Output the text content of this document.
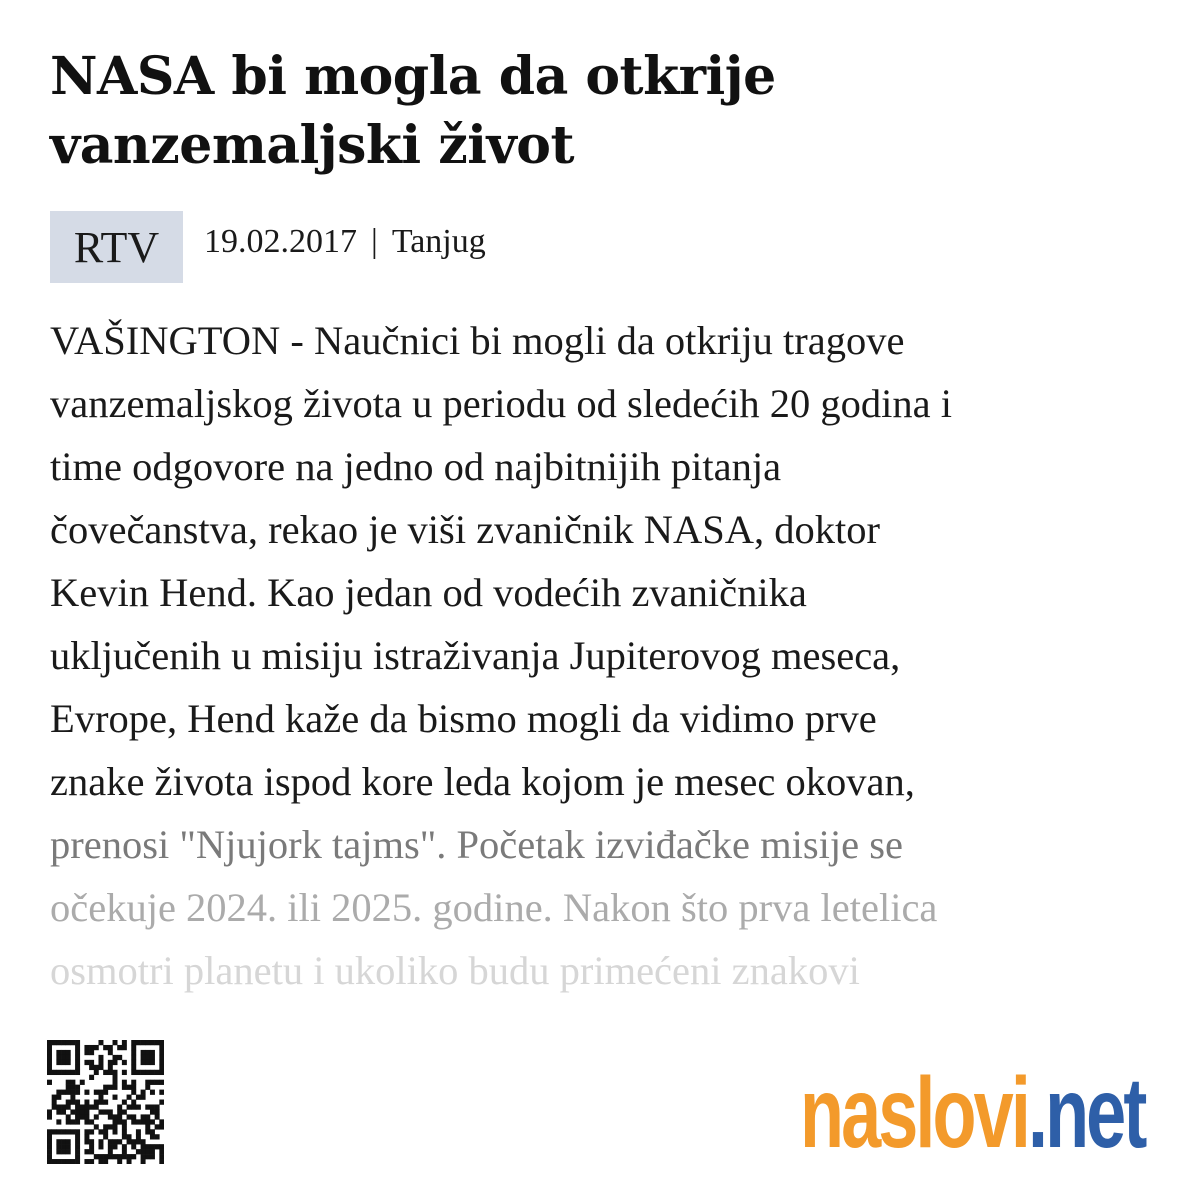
NASA bi mogla da otkrije vanzemaljski život
RTV	19.02.2017 | Tanjug
VAŠINGTON - Naučnici bi mogli da otkriju tragove
vanzemaljskog života u periodu od sledećih 20 godina i
time odgovore na jedno od najbitnijih pitanja
čovečanstva, rekao je viši zvaničnik NASA, doktor
Kevin Hend. Kao jedan od vodećih zvaničnika
uključenih u misiju istraživanja Jupiterovog meseca,
Evrope, Hend kaže da bismo mogli da vidimo prve
znake života ispod kore leda kojom je mesec okovan,
prenosi "Njujork tajms". Početak izviđačke misije se
očekuje 2024. ili 2025. godine. Nakon što prva letelica
osmotri planetu i ukoliko budu primećeni znakovi
naslovi.net
